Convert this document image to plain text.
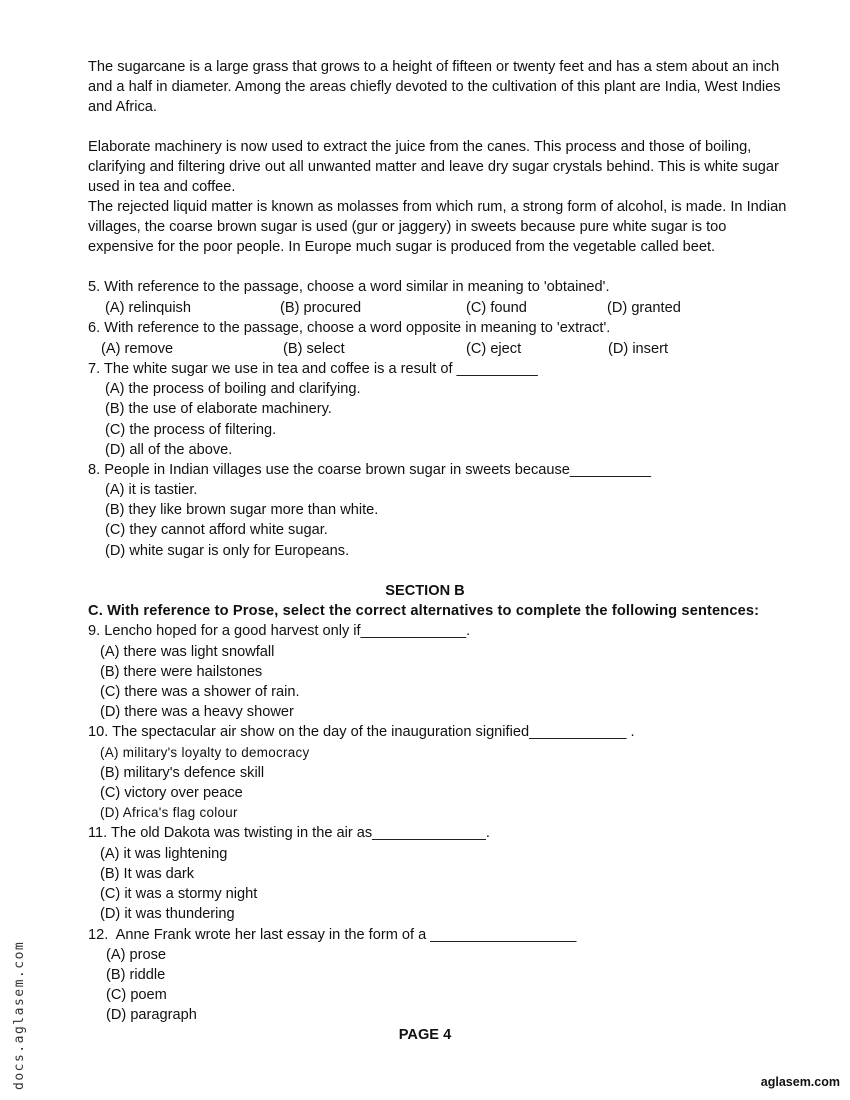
The sugarcane is a large grass that grows to a height of fifteen or twenty feet and has a stem about an inch and a half in diameter. Among the areas chiefly devoted to the cultivation of this plant are India, West Indies and Africa.

Elaborate machinery is now used to extract the juice from the canes. This process and those of boiling, clarifying and filtering drive out all unwanted matter and leave dry sugar crystals behind. This is white sugar used in tea and coffee.

The rejected liquid matter is known as molasses from which rum, a strong form of alcohol, is made. In Indian villages, the coarse brown sugar is used (gur or jaggery) in sweets because pure white sugar is too expensive for the poor people. In Europe much sugar is produced from the vegetable called beet.

5. With reference to the passage, choose a word similar in meaning to 'obtained'.

(A) relinquish

	(B) procured

	(C) found

	(D) granted

6. With reference to the passage, choose a word opposite in meaning to 'extract'.

(A) remove

	(B) select

	(C) eject

	(D) insert

7. The white sugar we use in tea and coffee is a result of __________
(A) the process of boiling and clarifying.
(B) the use of elaborate machinery.
(C) the process of filtering.
(D) all of the above.
8. People in Indian villages use the coarse brown sugar in sweets because__________
(A) it is tastier.
(B) they like brown sugar more than white.
(C) they cannot afford white sugar.
(D) white sugar is only for Europeans.
SECTION B
C. With reference to Prose, select the correct alternatives to complete the following sentences:
9. Lencho hoped for a good harvest only if_____________.
(A) there was light snowfall
(B) there were hailstones
(C) there was a shower of rain.
(D) there was a heavy shower
10. The spectacular air show on the day of the inauguration signified____________ .
(A) military's loyalty to democracy
(B) military's defence skill
(C) victory over peace
(D) Africa's flag colour
11. The old Dakota was twisting in the air as______________.
(A) it was lightening
(B) It was dark
(C) it was a stormy night
(D) it was thundering
12.  Anne Frank wrote her last essay in the form of a __________________
(A) prose
(B) riddle
(C) poem
(D) paragraph
PAGE 4
aglasem.com
docs.aglasem.com
